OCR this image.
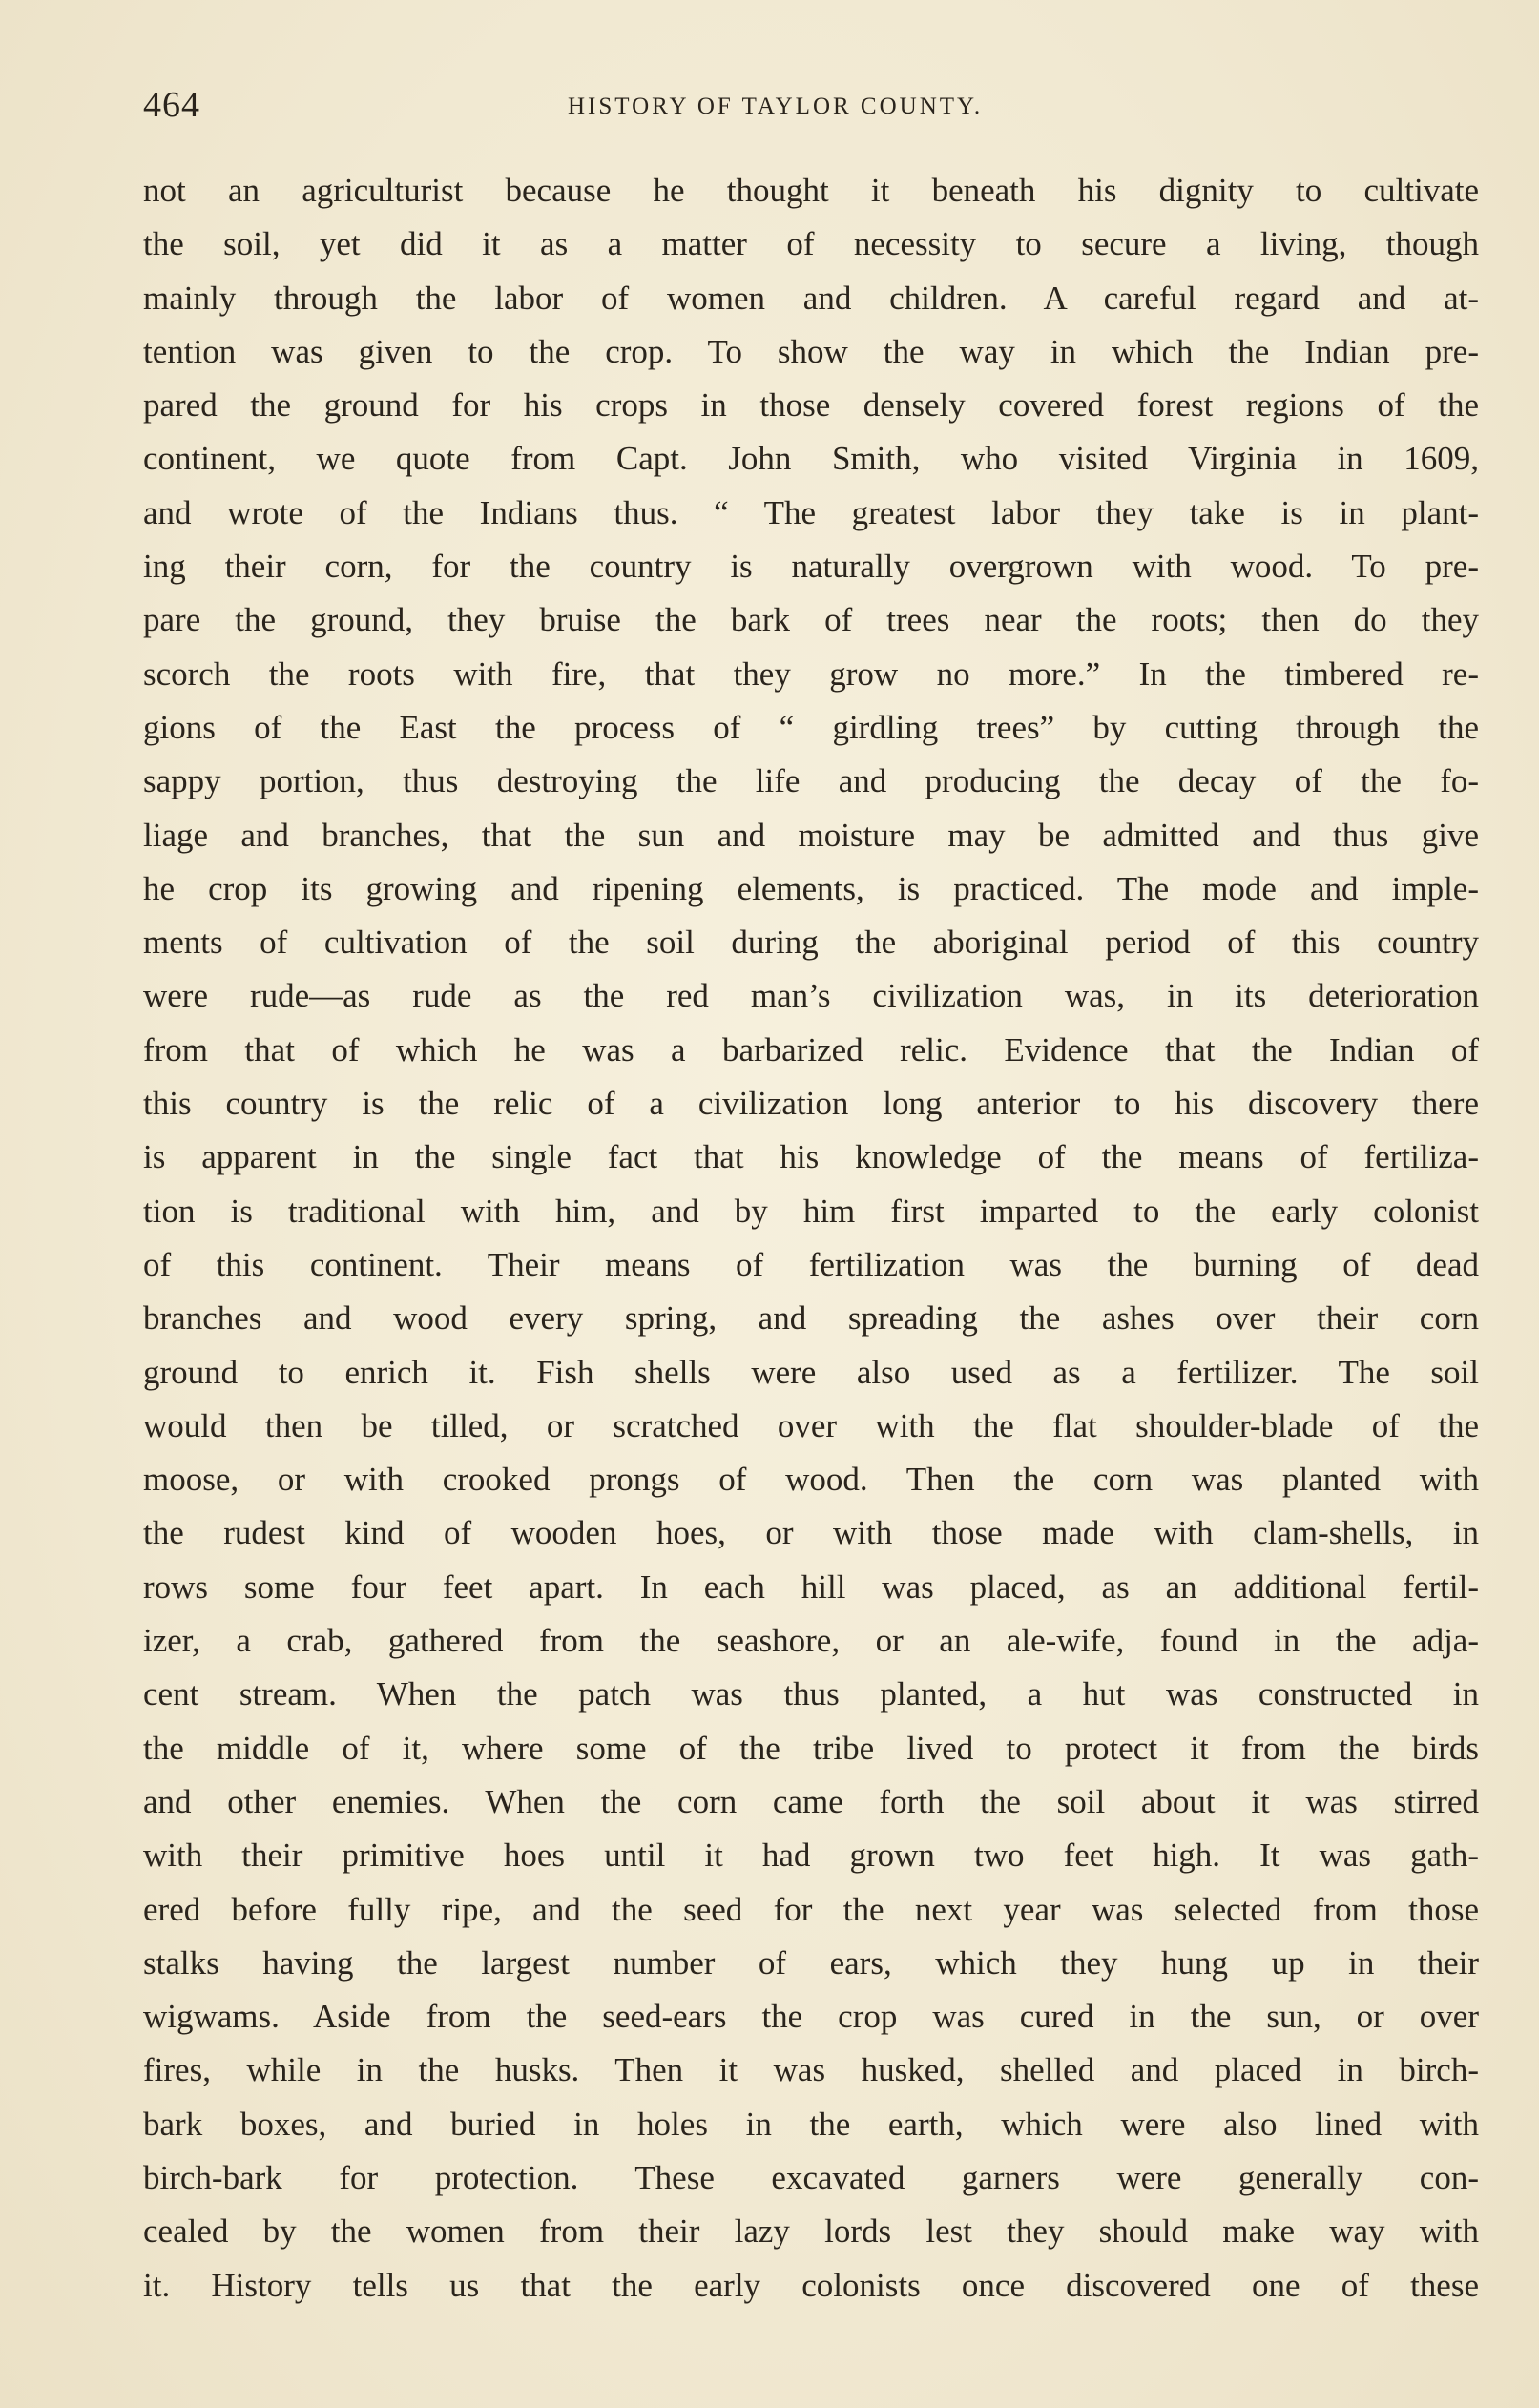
464	HISTORY OF TAYLOR COUNTY.
not an agriculturist because he thought it beneath his dignity to cultivate
the soil, yet did it as a matter of necessity to secure a living, though
mainly through the labor of women and children. A careful regard and at-
tention was given to the crop. To show the way in which the Indian pre-
pared the ground for his crops in those densely covered forest regions of the
continent, we quote from Capt. John Smith, who visited Virginia in 1609,
and wrote of the Indians thus. “ The greatest labor they take is in plant-
ing their corn, for the country is naturally overgrown with wood. To pre-
pare the ground, they bruise the bark of trees near the roots; then do they
scorch the roots with fire, that they grow no more.” In the timbered re-
gions of the East the process of “ girdling trees” by cutting through the
sappy portion, thus destroying the life and producing the decay of the fo-
liage and branches, that the sun and moisture may be admitted and thus give
he crop its growing and ripening elements, is practiced. The mode and imple-
ments of cultivation of the soil during the aboriginal period of this country
were rude—as rude as the red man’s civilization was, in its deterioration
from that of which he was a barbarized relic. Evidence that the Indian of
this country is the relic of a civilization long anterior to his discovery there
is apparent in the single fact that his knowledge of the means of fertiliza-
tion is traditional with him, and by him first imparted to the early colonist
of this continent. Their means of fertilization was the burning of dead
branches and wood every spring, and spreading the ashes over their corn
ground to enrich it. Fish shells were also used as a fertilizer. The soil
would then be tilled, or scratched over with the flat shoulder-blade of the
moose, or with crooked prongs of wood. Then the corn was planted with
the rudest kind of wooden hoes, or with those made with clam-shells, in
rows some four feet apart. In each hill was placed, as an additional fertil-
izer, a crab, gathered from the seashore, or an ale-wife, found in the adja-
cent stream. When the patch was thus planted, a hut was constructed in
the middle of it, where some of the tribe lived to protect it from the birds
and other enemies. When the corn came forth the soil about it was stirred
with their primitive hoes until it had grown two feet high. It was gath-
ered before fully ripe, and the seed for the next year was selected from those
stalks having the largest number of ears, which they hung up in their
wigwams. Aside from the seed-ears the crop was cured in the sun, or over
fires, while in the husks. Then it was husked, shelled and placed in birch-
bark boxes, and buried in holes in the earth, which were also lined with
birch-bark for protection. These excavated garners were generally con-
cealed by the women from their lazy lords lest they should make way with
it. History tells us that the early colonists once discovered one of these
